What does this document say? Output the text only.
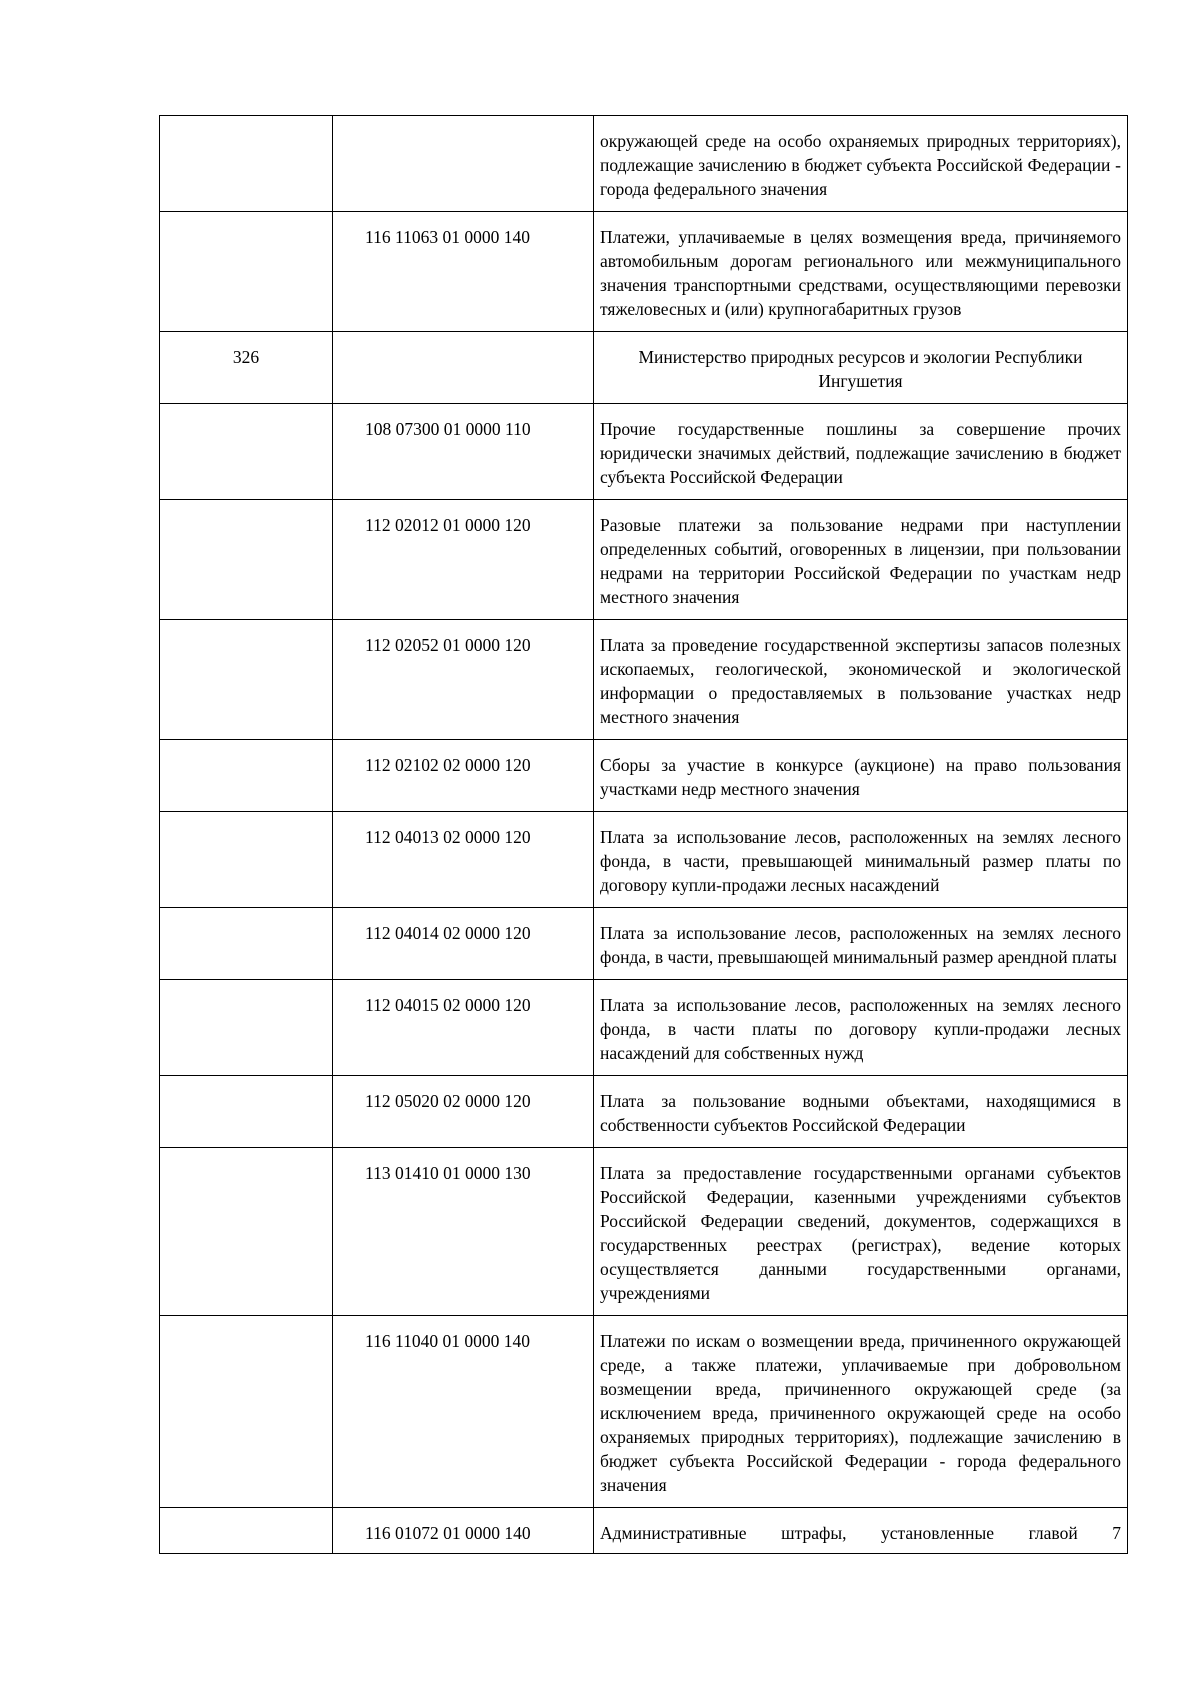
		окружающей среде на особо охраняемых природных территориях), подлежащие зачислению в бюджет субъекта Российской Федерации - города федерального значения
	116 11063 01 0000 140	Платежи, уплачиваемые в целях возмещения вреда, причиняемого автомобильным дорогам регионального или межмуниципального значения транспортными средствами, осуществляющими перевозки тяжеловесных и (или) крупногабаритных грузов
326		Министерство природных ресурсов и экологии Республики Ингушетия
	108 07300 01 0000 110	Прочие государственные пошлины за совершение прочих юридически значимых действий, подлежащие зачислению в бюджет субъекта Российской Федерации
	112 02012 01 0000 120	Разовые платежи за пользование недрами при наступлении определенных событий, оговоренных в лицензии, при пользовании недрами на территории Российской Федерации по участкам недр местного значения
	112 02052 01 0000 120	Плата за проведение государственной экспертизы запасов полезных ископаемых, геологической, экономической и экологической информации о предоставляемых в пользование участках недр местного значения
	112 02102 02 0000 120	Сборы за участие в конкурсе (аукционе) на право пользования участками недр местного значения
	112 04013 02 0000 120	Плата за использование лесов, расположенных на землях лесного фонда, в части, превышающей минимальный размер платы по договору купли-продажи лесных насаждений
	112 04014 02 0000 120	Плата за использование лесов, расположенных на землях лесного фонда, в части, превышающей минимальный размер арендной платы
	112 04015 02 0000 120	Плата за использование лесов, расположенных на землях лесного фонда, в части платы по договору купли-продажи лесных насаждений для собственных нужд
	112 05020 02 0000 120	Плата за пользование водными объектами, находящимися в собственности субъектов Российской Федерации
	113 01410 01 0000 130	Плата за предоставление государственными органами субъектов Российской Федерации, казенными учреждениями субъектов Российской Федерации сведений, документов, содержащихся в государственных реестрах (регистрах), ведение которых осуществляется данными государственными органами, учреждениями
	116 11040 01 0000 140	Платежи по искам о возмещении вреда, причиненного окружающей среде, а также платежи, уплачиваемые при добровольном возмещении вреда, причиненного окружающей среде (за исключением вреда, причиненного окружающей среде на особо охраняемых природных территориях), подлежащие зачислению в бюджет субъекта Российской Федерации - города федерального значения

	116 01072 01 0000 140	Административные штрафы, установленные главой 7
